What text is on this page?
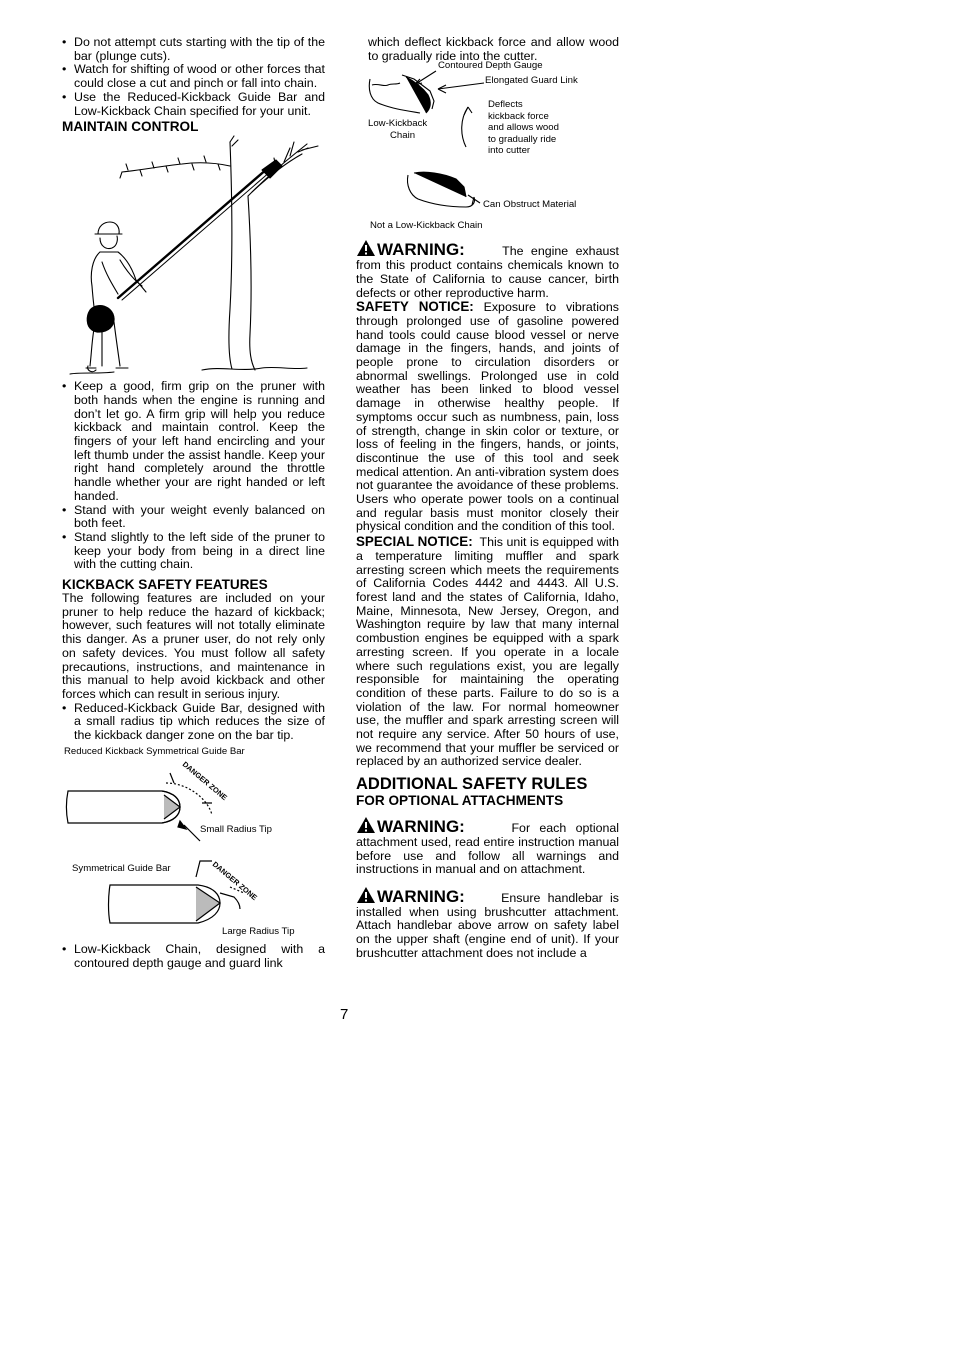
• Do not attempt cuts starting with the tip of the bar (plunge cuts).
• Watch for shifting of wood or other forces that could close a cut and pinch or fall into chain.
• Use the Reduced-Kickback Guide Bar and Low-Kickback Chain specified for your unit.
MAINTAIN CONTROL
• Keep a good, firm grip on the pruner with both hands when the engine is running and don’t let go. A firm grip will help you reduce kickback and maintain control. Keep the fingers of your left hand encircling and your left thumb under the assist handle. Keep your right hand completely around the throttle handle whether your are right handed or left handed.
• Stand with your weight evenly balanced on both feet.
• Stand slightly to the left side of the pruner to keep your body from being in a direct line with the cutting chain.
KICKBACK SAFETY FEATURES

The following features are included on your pruner to help reduce the hazard of kickback; however, such features will not totally eliminate this danger. As a pruner user, do not rely only on safety devices. You must follow all safety precautions, instructions, and maintenance in this manual to help avoid kickback and other forces which can result in serious injury.

• Reduced-Kickback Guide Bar, designed with a small radius tip which reduces the size of the kickback danger zone on the bar tip.
Reduced Kickback Symmetrical Guide Bar
DANGER ZONE
Small Radius Tip
Symmetrical Guide Bar	DANGER ZONE
Large Radius Tip
• Low-Kickback Chain, designed with a contoured depth gauge and guard link

which deflect kickback force and allow wood to gradually ride into the cutter.

Contoured Depth Gauge
Elongated Guard Link
Deflects
kickback force
and allows wood
to gradually ride
into cutter
Low-Kickback
Chain
Can Obstruct Material
Not a Low-Kickback Chain

WARNING:	The engine exhaust from this product contains chemicals known to the State of California to cause cancer, birth defects or other reproductive harm.

SAFETY NOTICE: Exposure to vibrations through prolonged use of gasoline powered hand tools could cause blood vessel or nerve damage in the fingers, hands, and joints of people prone to circulation disorders or abnormal swellings. Prolonged use in cold weather has been linked to blood vessel damage in otherwise healthy people. If symptoms occur such as numbness, pain, loss of strength, change in skin color or texture, or loss of feeling in the fingers, hands, or joints, discontinue the use of this tool and seek medical attention. An anti-vibration system does not guarantee the avoidance of these problems. Users who operate power tools on a continual and regular basis must monitor closely their physical condition and the condition of this tool.

SPECIAL NOTICE: This unit is equipped with a temperature limiting muffler and spark arresting screen which meets the requirements of California Codes 4442 and 4443. All U.S. forest land and the states of California, Idaho, Maine, Minnesota, New Jersey, Oregon, and Washington require by law that many internal combustion engines be equipped with a spark arresting screen. If you operate in a locale where such regulations exist, you are legally responsible for maintaining the operating condition of these parts. Failure to do so is a violation of the law. For normal homeowner use, the muffler and spark arresting screen will not require any service. After 50 hours of use, we recommend that your muffler be serviced or replaced by an authorized service dealer.

ADDITIONAL SAFETY RULES
FOR OPTIONAL ATTACHMENTS

WARNING:	For each optional attachment used, read entire instruction manual before use and follow all warnings and instructions in manual and on attachment.

WARNING:	Ensure handlebar is installed when using brushcutter attachment. Attach handlebar above arrow on safety label on the upper shaft (engine end of unit). If your brushcutter attachment does not include a

7
